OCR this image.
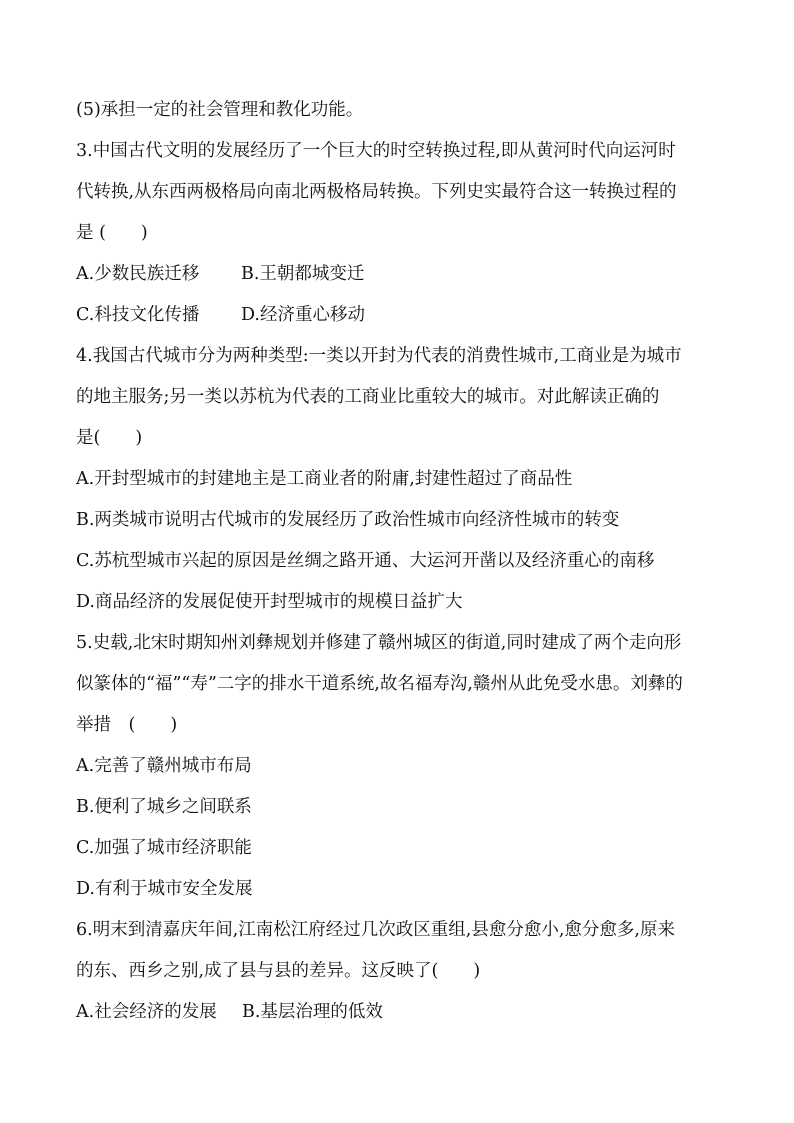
(5)承担一定的社会管理和教化功能。
3.中国古代文明的发展经历了一个巨大的时空转换过程,即从黄河时代向运河时
代转换,从东西两极格局向南北两极格局转换。下列史实最符合这一转换过程的
是 (　　)
A.少数民族迁移 B.王朝都城变迁
C.科技文化传播 D.经济重心移动
4.我国古代城市分为两种类型:一类以开封为代表的消费性城市,工商业是为城市
的地主服务;另一类以苏杭为代表的工商业比重较大的城市。对此解读正确的
是(　　)
A.开封型城市的封建地主是工商业者的附庸,封建性超过了商品性
B.两类城市说明古代城市的发展经历了政治性城市向经济性城市的转变
C.苏杭型城市兴起的原因是丝绸之路开通、大运河开凿以及经济重心的南移
D.商品经济的发展促使开封型城市的规模日益扩大
5.史载,北宋时期知州刘彝规划并修建了赣州城区的街道,同时建成了两个走向形
似篆体的“福”“寿”二字的排水干道系统,故名福寿沟,赣州从此免受水患。刘彝的
举措　(　　)
A.完善了赣州城市布局
B.便利了城乡之间联系
C.加强了城市经济职能
D.有利于城市安全发展
6.明末到清嘉庆年间,江南松江府经过几次政区重组,县愈分愈小,愈分愈多,原来
的东、西乡之别,成了县与县的差异。这反映了(　　)
A.社会经济的发展 B.基层治理的低效
